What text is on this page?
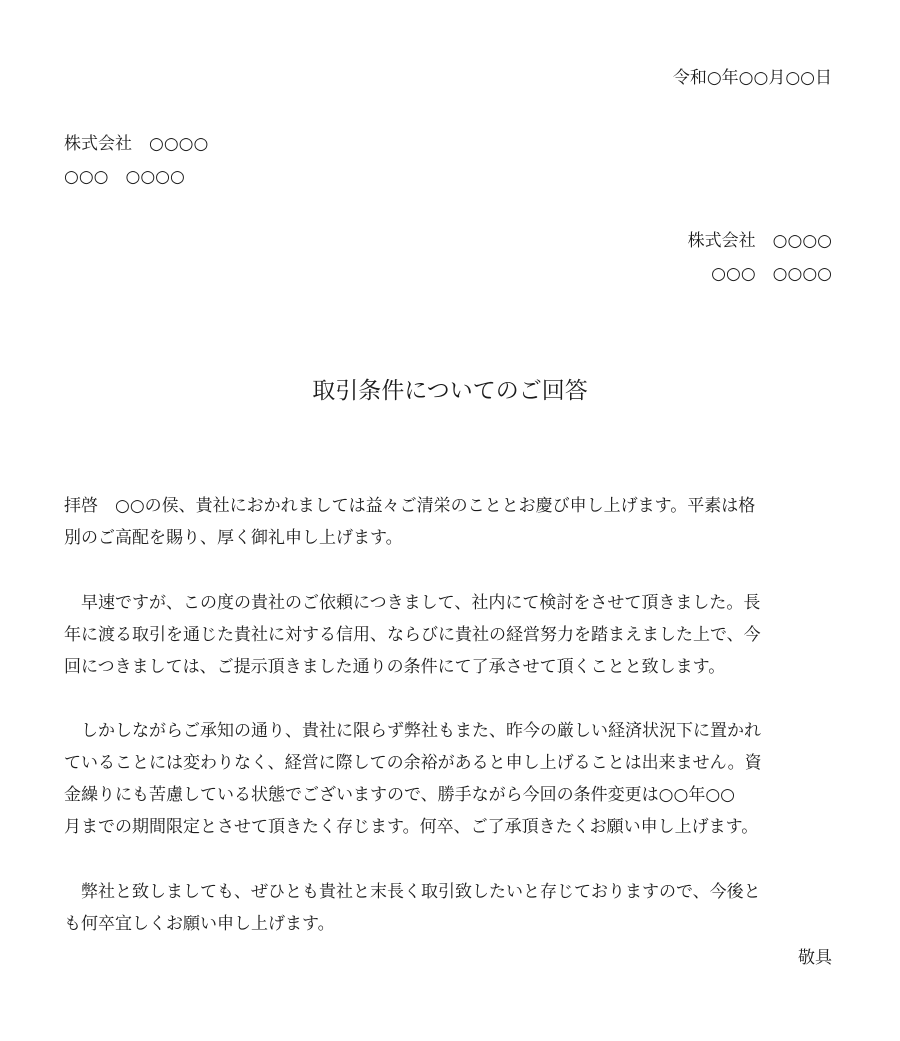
令和○年○○月○○日
株式会社　○○○○
○○○　○○○○
株式会社　○○○○
○○○　○○○○
取引条件についてのご回答
拝啓　○○の侯、貴社におかれましては益々ご清栄のこととお慶び申し上げます。平素は格
別のご高配を賜り、厚く御礼申し上げます。
早速ですが、この度の貴社のご依頼につきまして、社内にて検討をさせて頂きました。長
年に渡る取引を通じた貴社に対する信用、ならびに貴社の経営努力を踏まえました上で、今
回につきましては、ご提示頂きました通りの条件にて了承させて頂くことと致します。
しかしながらご承知の通り、貴社に限らず弊社もまた、昨今の厳しい経済状況下に置かれ
ていることには変わりなく、経営に際しての余裕があると申し上げることは出来ません。資
金繰りにも苦慮している状態でございますので、勝手ながら今回の条件変更は○○年○○
月までの期間限定とさせて頂きたく存じます。何卒、ご了承頂きたくお願い申し上げます。
弊社と致しましても、ぜひとも貴社と末長く取引致したいと存じておりますので、今後と
も何卒宜しくお願い申し上げます。
敬具
